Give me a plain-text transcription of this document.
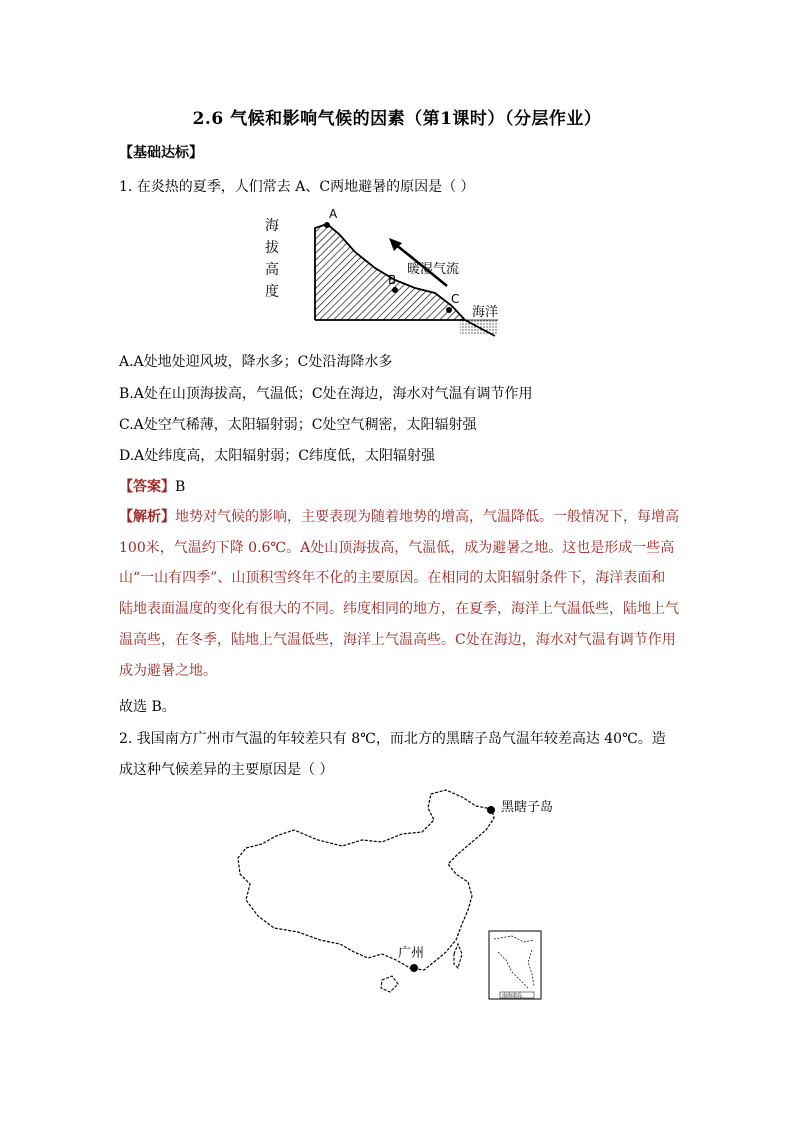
2.6 气候和影响气候的因素（第1课时）（分层作业）
【基础达标】
1. 在炎热的夏季，人们常去 A、C两地避暑的原因是（ ）
海
拔
高
度
A
B
C
暖湿气流
海洋
A.A处地处迎风坡，降水多；C处沿海降水多
B.A处在山顶海拔高，气温低；C处在海边，海水对气温有调节作用
C.A处空气稀薄，太阳辐射弱；C处空气稠密，太阳辐射强
D.A处纬度高，太阳辐射弱；C纬度低，太阳辐射强
【答案】B
【解析】地势对气候的影响，主要表现为随着地势的增高，气温降低。一般情况下，每增高 100米，气温约下降 0.6℃。A处山顶海拔高，气温低，成为避暑之地。这也是形成一些高山“一山有四季”、山顶积雪终年不化的主要原因。在相同的太阳辐射条件下，海洋表面和陆地表面温度的变化有很大的不同。纬度相同的地方，在夏季，海洋上气温低些，陆地上气温高些，在冬季，陆地上气温低些，海洋上气温高些。C处在海边，海水对气温有调节作用成为避暑之地。
故选 B。
2. 我国南方广州市气温的年较差只有 8℃，而北方的黑瞎子岛气温年较差高达 40℃。造成这种气候差异的主要原因是（ ）
黑瞎子岛
广州
南海诸岛
